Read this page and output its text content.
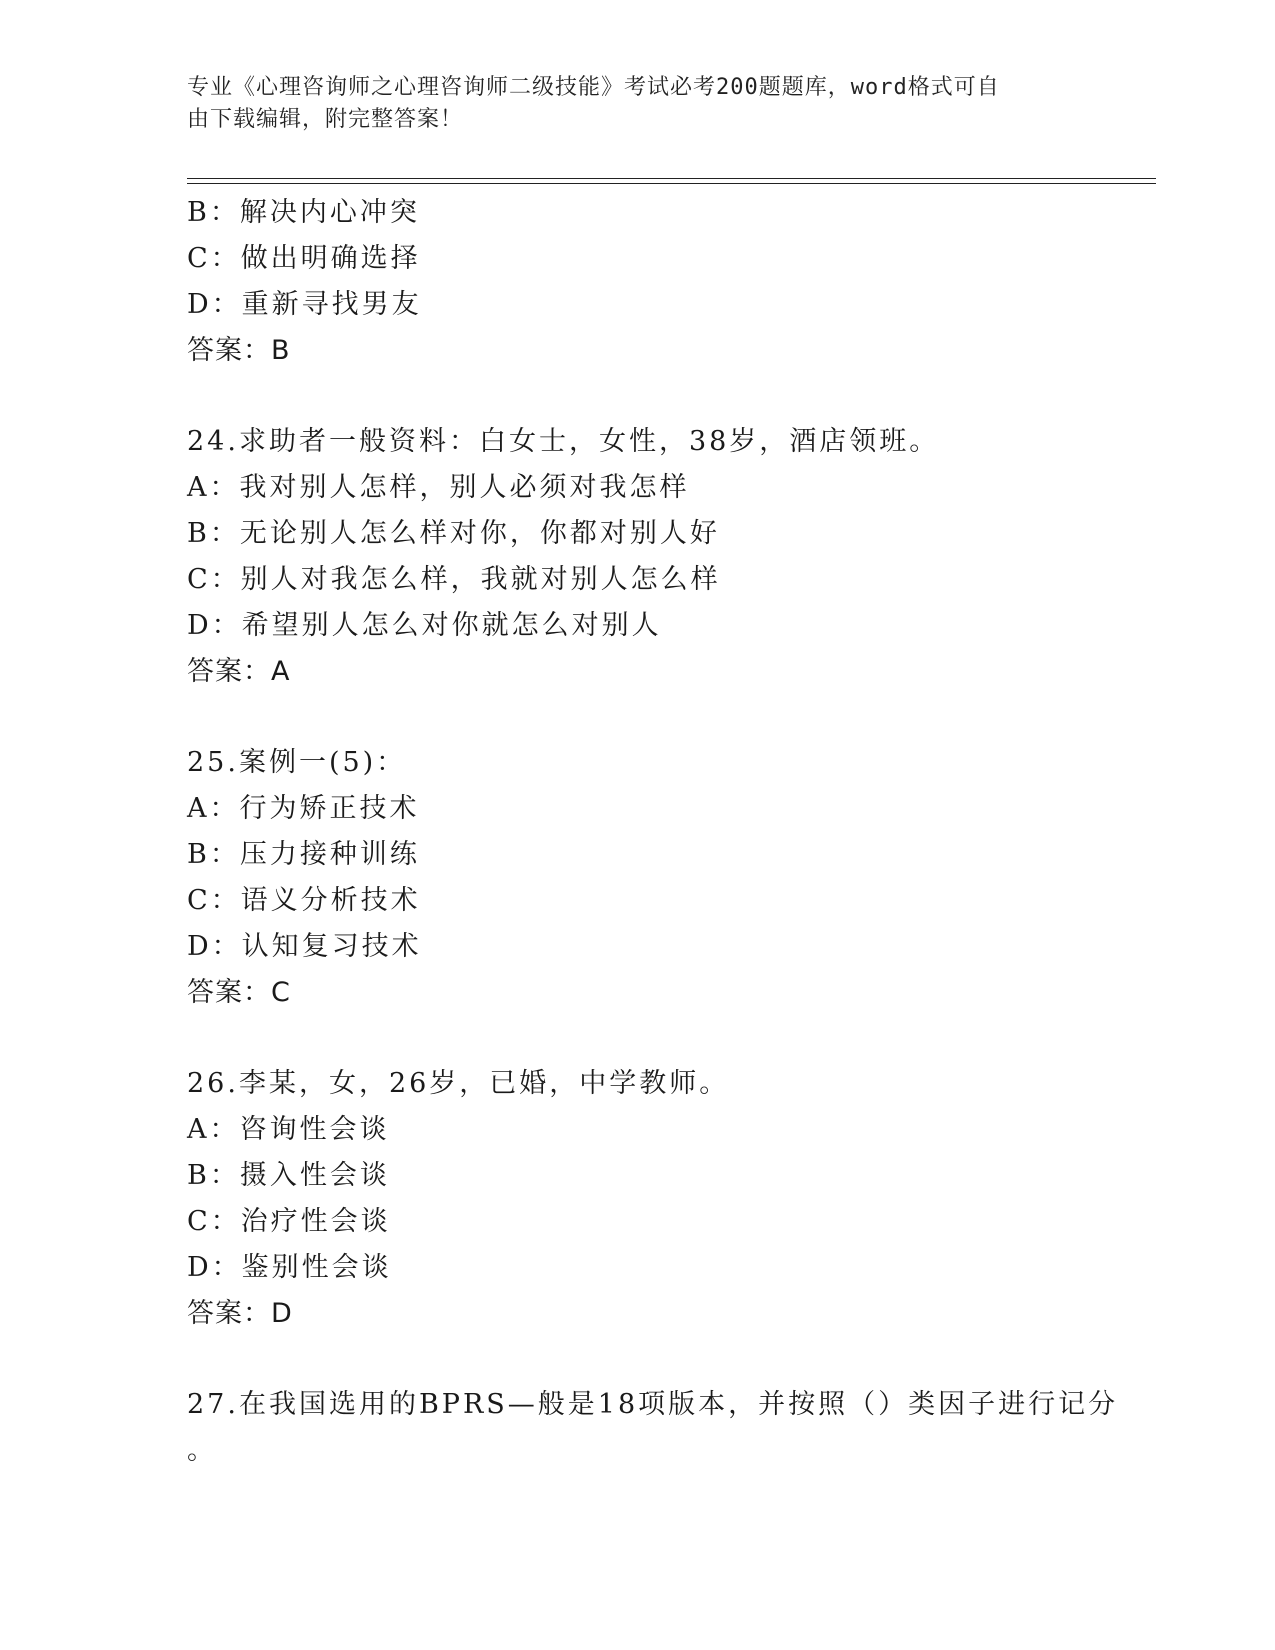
专业《心理咨询师之心理咨询师二级技能》考试必考200题题库，word格式可自
由下载编辑，附完整答案！
B：解决内心冲突
C：做出明确选择
D：重新寻找男友
答案：B
24.求助者一般资料：白女士，女性，38岁，酒店领班。
A：我对别人怎样，别人必须对我怎样
B：无论别人怎么样对你，你都对别人好
C：别人对我怎么样，我就对别人怎么样
D：希望别人怎么对你就怎么对别人
答案：A
25.案例一(5)：
A：行为矫正技术
B：压力接种训练
C：语义分析技术
D：认知复习技术
答案：C
26.李某，女，26岁，已婚，中学教师。
A：咨询性会谈
B：摄入性会谈
C：治疗性会谈
D：鉴别性会谈
答案：D
27.在我国选用的BPRS—般是18项版本，并按照（）类因子进行记分
。
